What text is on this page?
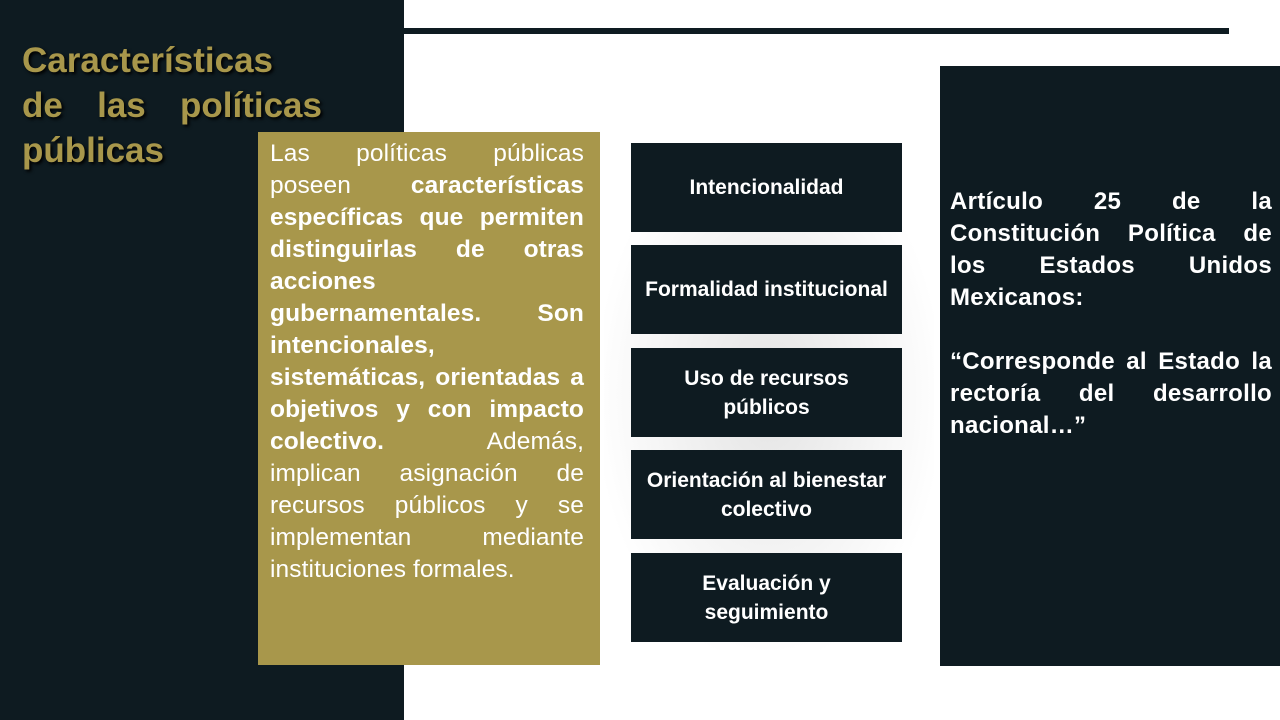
Características de las políticas públicas	Las políticas públicas poseen características específicas que permiten distinguirlas de otras acciones gubernamentales. Son intencionales, sistemáticas, orientadas a objetivos y con impacto colectivo. Además, implican asignación de recursos públicos y se implementan mediante instituciones formales.

Intencionalidad
Formalidad institucional
Uso de recursos públicos
Orientación al bienestar colectivo
Evaluación y seguimiento

Artículo 25 de la Constitución Política de los Estados Unidos Mexicanos:

“Corresponde al Estado la rectoría del desarrollo nacional…”
